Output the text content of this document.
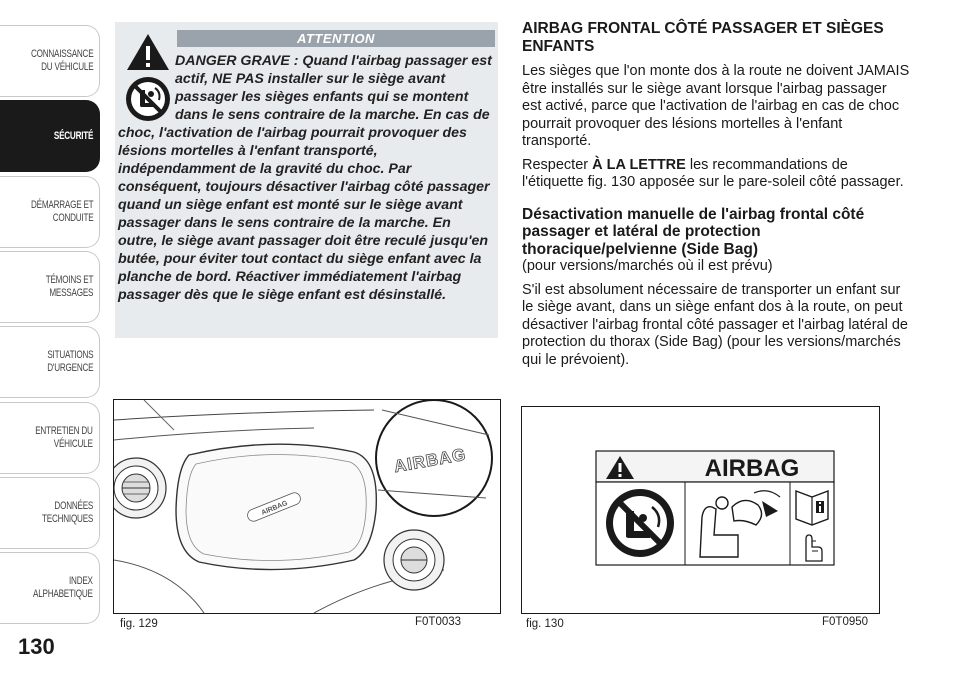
CONNAISSANCE
DU VÉHICULE
SÉCURITÉ
DÉMARRAGE ET
CONDUITE
TÉMOINS ET
MESSAGES
SITUATIONS
D'URGENCE
ENTRETIEN DU
VÉHICULE
DONNÉES
TECHNIQUES
INDEX
ALPHABETIQUE
130
ATTENTION
DANGER GRAVE : Quand l'airbag passager est actif, NE PAS installer sur le siège avant passager les sièges enfants qui se montent dans le sens contraire de la marche. En cas de choc, l'activation de l'airbag pourrait provoquer des lésions mortelles à l'enfant transporté, indépendamment de la gravité du choc. Par conséquent, toujours désactiver l'airbag côté passager quand un siège enfant est monté sur le siège avant passager dans le sens contraire de la marche. En outre, le siège avant passager doit être reculé jusqu'en butée, pour éviter tout contact du siège enfant avec la planche de bord. Réactiver immédiatement l'airbag passager dès que le siège enfant est désinstallé.
AIRBAG FRONTAL CÔTÉ PASSAGER ET SIÈGES ENFANTS

Les sièges que l'on monte dos à la route ne doivent JAMAIS être installés sur le siège avant lorsque l'airbag passager est activé, parce que l'activation de l'airbag en cas de choc pourrait provoquer des lésions mortelles à l'enfant transporté.

Respecter À LA LETTRE les recommandations de l'étiquette fig. 130 apposée sur le pare-soleil côté passager.

Désactivation manuelle de l'airbag frontal côté passager et latéral de protection thoracique/pelvienne (Side Bag)

(pour versions/marchés où il est prévu)

S'il est absolument nécessaire de transporter un enfant sur le siège avant, dans un siège enfant dos à la route, on peut désactiver l'airbag frontal côté passager et l'airbag latéral de protection du thorax (Side Bag) (pour les versions/marchés qui le prévoient).

AIRBAG
AIRBAG
fig. 129	F0T0033
AIRBAG
fig. 130	F0T0950
